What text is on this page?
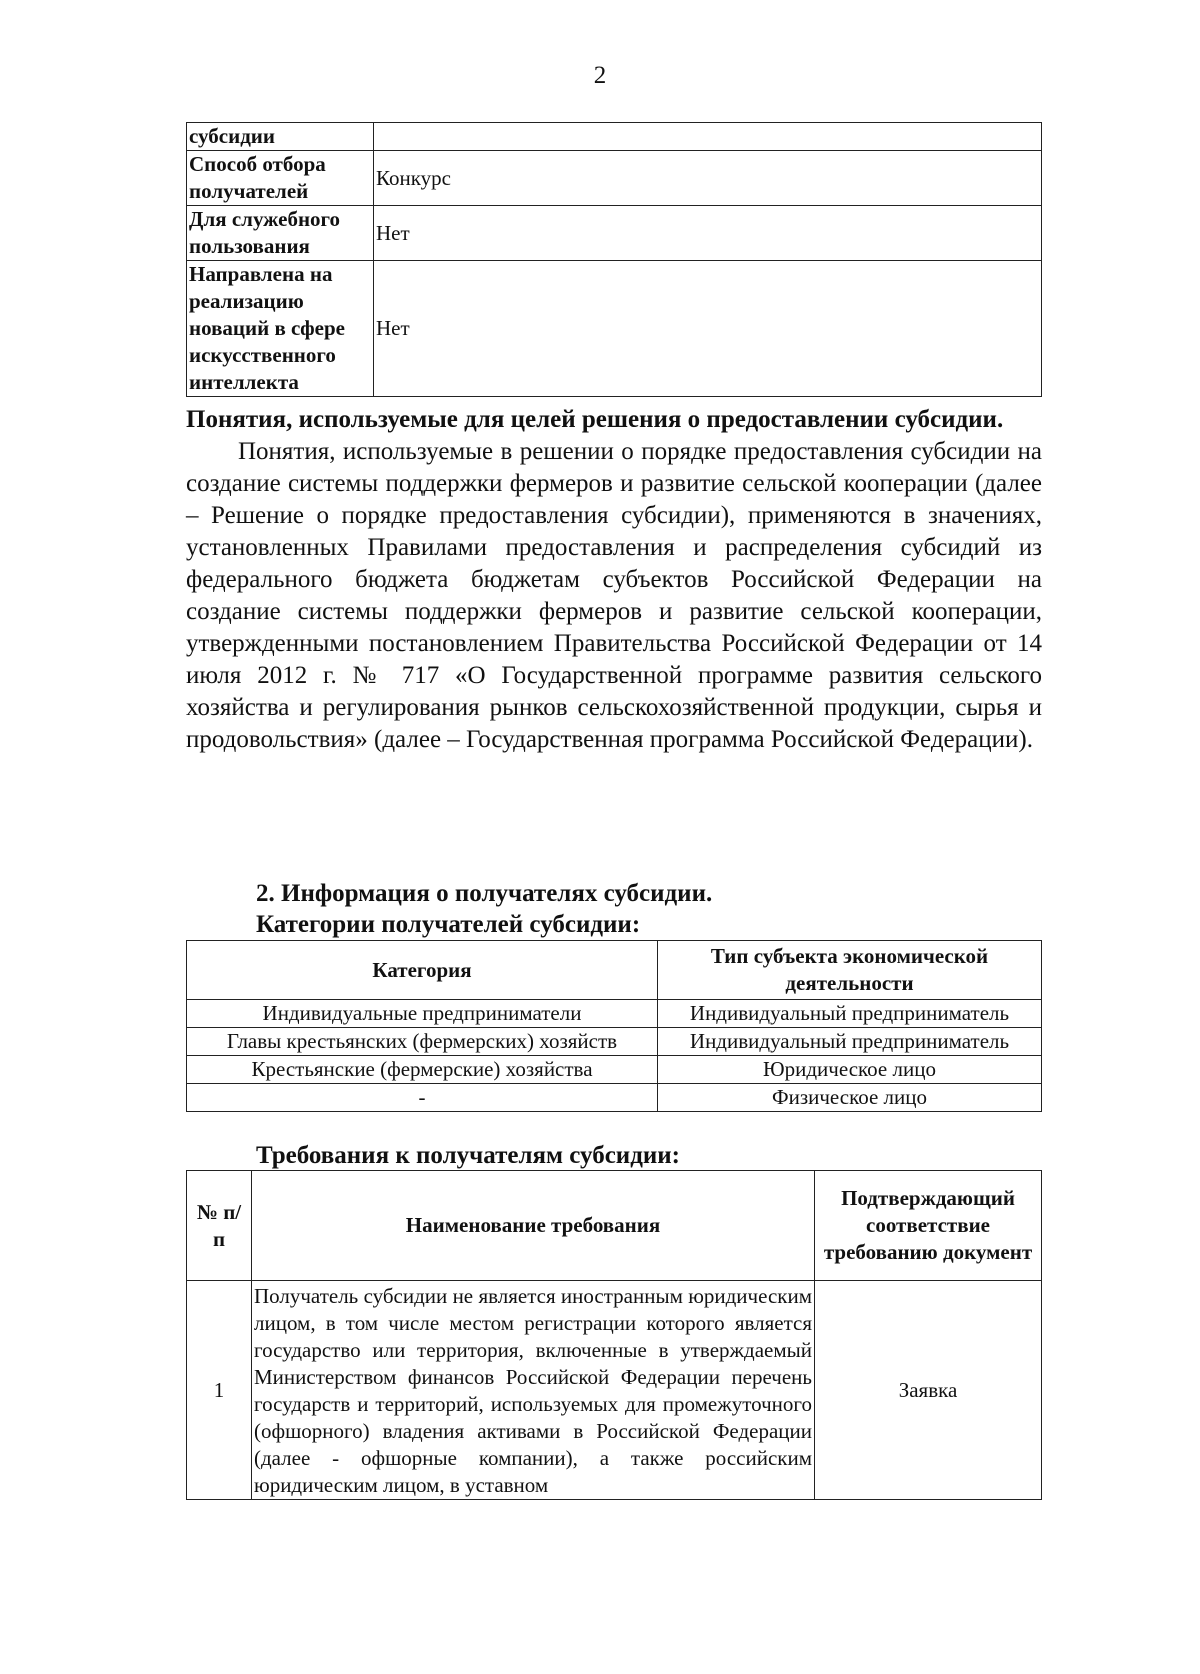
2
субсидии	
Способ отбора получателей	Конкурс
Для служебного пользования	Нет
Направлена на реализацию новаций в сфере искусственного интеллекта	Нет
Понятия, используемые для целей решения о предоставлении субсидии.

Понятия, используемые в решении о порядке предоставления субсидии на создание системы поддержки фермеров и развитие сельской кооперации (далее – Решение о порядке предоставления субсидии), применяются в значениях, установленных Правилами предоставления и распределения субсидий из федерального бюджета бюджетам субъектов Российской Федерации на создание системы поддержки фермеров и развитие сельской кооперации, утвержденными постановлением Правительства Российской Федерации от 14 июля 2012 г. № 717 «О Государственной программе развития сельского хозяйства и регулирования рынков сельскохозяйственной продукции, сырья и продовольствия» (далее – Государственная программа Российской Федерации).

2. Информация о получателях субсидии.
Категории получателей субсидии:
Категория	Тип субъекта экономической деятельности
Индивидуальные предприниматели	Индивидуальный предприниматель
Главы крестьянских (фермерских) хозяйств	Индивидуальный предприниматель
Крестьянские (фермерские) хозяйства	Юридическое лицо
-	Физическое лицо
Требования к получателям субсидии:
№ п/п	Наименование требования	Подтверждающий соответствие требованию документ
1	Получатель субсидии не является иностранным юридическим лицом, в том числе местом регистрации которого является государство или территория, включенные в утверждаемый Министерством финансов Российской Федерации перечень государств и территорий, используемых для промежуточного (офшорного) владения активами в Российской Федерации (далее - офшорные компании), а также российским юридическим лицом, в уставном	Заявка
